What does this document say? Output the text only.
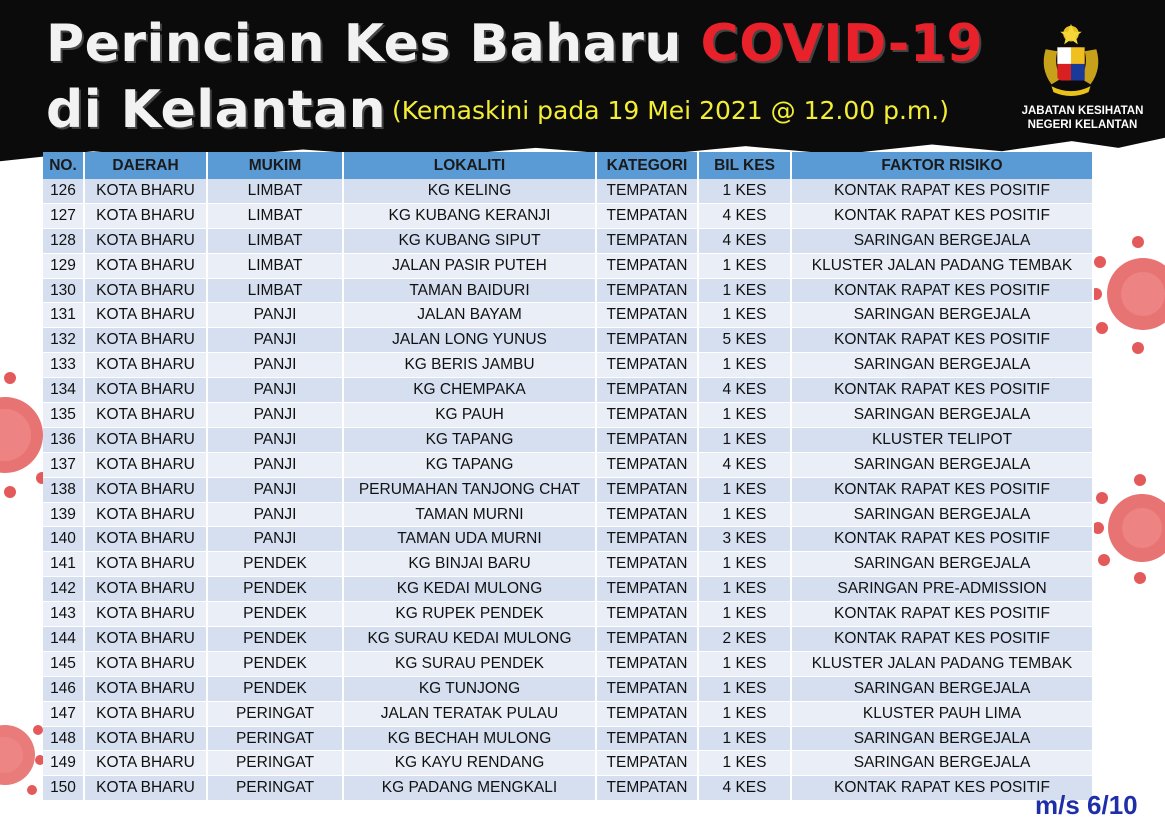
Perincian Kes Baharu COVID-19
di Kelantan (Kemaskini pada 19 Mei 2021 @ 12.00 p.m.)	JABATAN KESIHATAN
NEGERI KELANTAN
NO.	DAERAH	MUKIM	LOKALITI	KATEGORI	BIL KES	FAKTOR RISIKO
126	KOTA BHARU	LIMBAT	KG KELING	TEMPATAN	1 KES	KONTAK RAPAT KES POSITIF
127	KOTA BHARU	LIMBAT	KG KUBANG KERANJI	TEMPATAN	4 KES	KONTAK RAPAT KES POSITIF
128	KOTA BHARU	LIMBAT	KG KUBANG SIPUT	TEMPATAN	4 KES	SARINGAN BERGEJALA
129	KOTA BHARU	LIMBAT	JALAN PASIR PUTEH	TEMPATAN	1 KES	KLUSTER JALAN PADANG TEMBAK
130	KOTA BHARU	LIMBAT	TAMAN BAIDURI	TEMPATAN	1 KES	KONTAK RAPAT KES POSITIF
131	KOTA BHARU	PANJI	JALAN BAYAM	TEMPATAN	1 KES	SARINGAN BERGEJALA
132	KOTA BHARU	PANJI	JALAN LONG YUNUS	TEMPATAN	5 KES	KONTAK RAPAT KES POSITIF
133	KOTA BHARU	PANJI	KG BERIS JAMBU	TEMPATAN	1 KES	SARINGAN BERGEJALA
134	KOTA BHARU	PANJI	KG CHEMPAKA	TEMPATAN	4 KES	KONTAK RAPAT KES POSITIF
135	KOTA BHARU	PANJI	KG PAUH	TEMPATAN	1 KES	SARINGAN BERGEJALA
136	KOTA BHARU	PANJI	KG TAPANG	TEMPATAN	1 KES	KLUSTER TELIPOT
137	KOTA BHARU	PANJI	KG TAPANG	TEMPATAN	4 KES	SARINGAN BERGEJALA
138	KOTA BHARU	PANJI	PERUMAHAN TANJONG CHAT	TEMPATAN	1 KES	KONTAK RAPAT KES POSITIF
139	KOTA BHARU	PANJI	TAMAN MURNI	TEMPATAN	1 KES	SARINGAN BERGEJALA
140	KOTA BHARU	PANJI	TAMAN UDA MURNI	TEMPATAN	3 KES	KONTAK RAPAT KES POSITIF
141	KOTA BHARU	PENDEK	KG BINJAI BARU	TEMPATAN	1 KES	SARINGAN BERGEJALA
142	KOTA BHARU	PENDEK	KG KEDAI MULONG	TEMPATAN	1 KES	SARINGAN PRE-ADMISSION
143	KOTA BHARU	PENDEK	KG RUPEK PENDEK	TEMPATAN	1 KES	KONTAK RAPAT KES POSITIF
144	KOTA BHARU	PENDEK	KG SURAU KEDAI MULONG	TEMPATAN	2 KES	KONTAK RAPAT KES POSITIF
145	KOTA BHARU	PENDEK	KG SURAU PENDEK	TEMPATAN	1 KES	KLUSTER JALAN PADANG TEMBAK
146	KOTA BHARU	PENDEK	KG TUNJONG	TEMPATAN	1 KES	SARINGAN BERGEJALA
147	KOTA BHARU	PERINGAT	JALAN TERATAK PULAU	TEMPATAN	1 KES	KLUSTER PAUH LIMA
148	KOTA BHARU	PERINGAT	KG BECHAH MULONG	TEMPATAN	1 KES	SARINGAN BERGEJALA
149	KOTA BHARU	PERINGAT	KG KAYU RENDANG	TEMPATAN	1 KES	SARINGAN BERGEJALA
150	KOTA BHARU	PERINGAT	KG PADANG MENGKALI	TEMPATAN	4 KES	KONTAK RAPAT KES POSITIF
m/s 6/10
